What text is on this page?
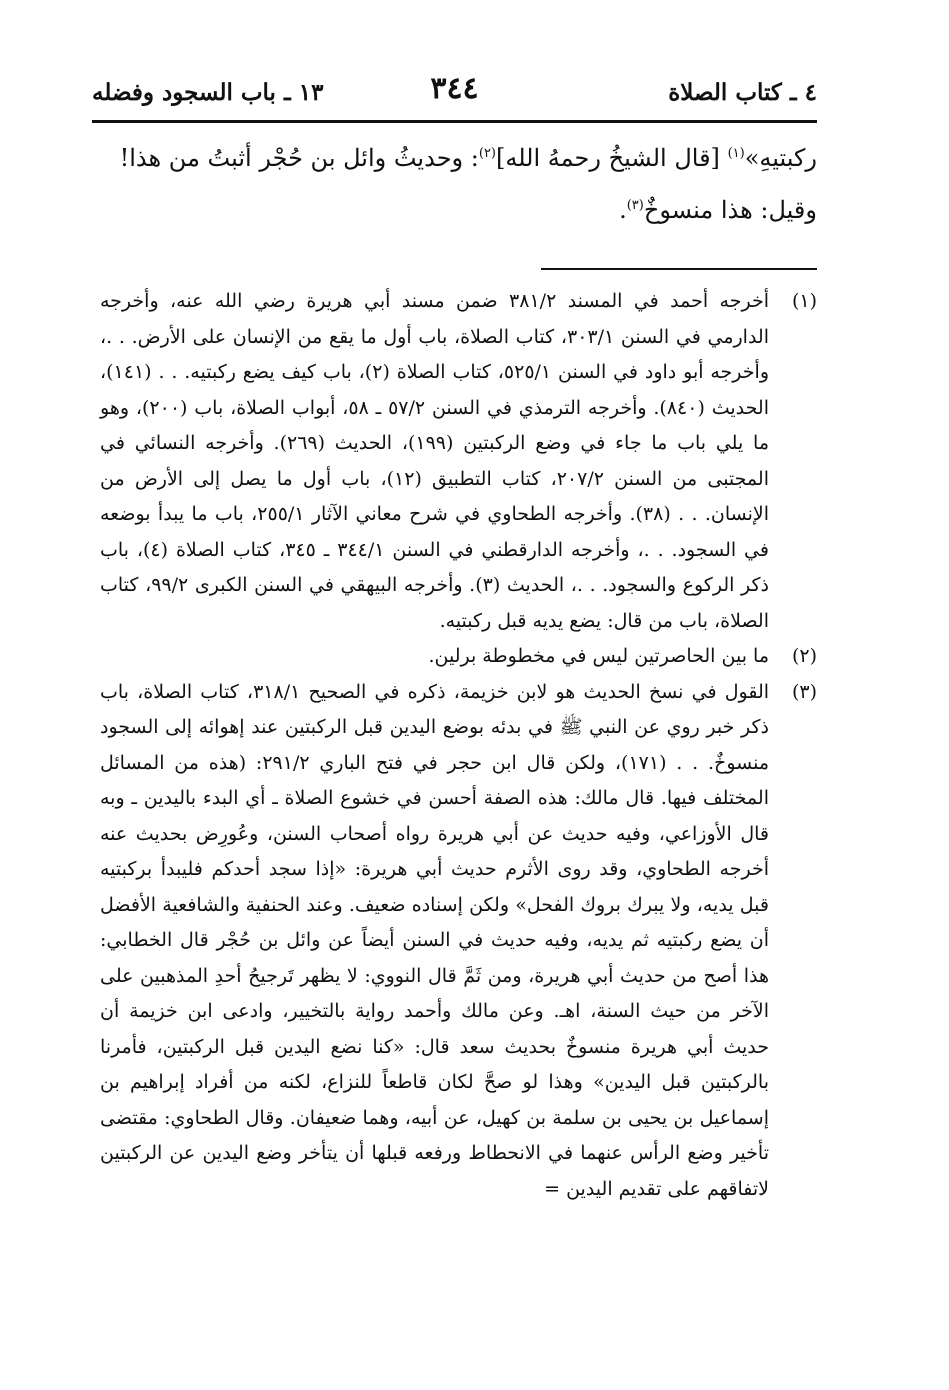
٤ ـ كتاب الصلاة
٣٤٤
١٣ ـ باب السجود وفضله

ركبتيهِ»$^{(١)}$ [قال الشيخُ رحمهُ الله]$^{(٢)}$: وحديثُ وائل بن حُجْر أثبتُ من هذا!

وقيل: هذا منسوخٌ$^{(٣)}$.

(١)

أخرجه أحمد في المسند ٣٨١/٢ ضمن مسند أبي هريرة رضي الله عنه، وأخرجه الدارمي في السنن ٣٠٣/١، كتاب الصلاة، باب أول ما يقع من الإنسان على الأرض. . .، وأخرجه أبو داود في السنن ٥٢٥/١، كتاب الصلاة (٢)، باب كيف يضع ركبتيه. . . (١٤١)، الحديث (٨٤٠). وأخرجه الترمذي في السنن ٥٧/٢ ـ ٥٨، أبواب الصلاة، باب (٢٠٠)، وهو ما يلي باب ما جاء في وضع الركبتين (١٩٩)، الحديث (٢٦٩). وأخرجه النسائي في المجتبى من السنن ٢٠٧/٢، كتاب التطبيق (١٢)، باب أول ما يصل إلى الأرض من الإنسان. . . (٣٨). وأخرجه الطحاوي في شرح معاني الآثار ٢٥٥/١، باب ما يبدأ بوضعه في السجود. . .، وأخرجه الدارقطني في السنن ٣٤٤/١ ـ ٣٤٥، كتاب الصلاة (٤)، باب ذكر الركوع والسجود. . .، الحديث (٣). وأخرجه البيهقي في السنن الكبرى ٩٩/٢، كتاب الصلاة، باب من قال: يضع يديه قبل ركبتيه.

(٢)

ما بين الحاصرتين ليس في مخطوطة برلين.

(٣)

القول في نسخ الحديث هو لابن خزيمة، ذكره في الصحيح ٣١٨/١، كتاب الصلاة، باب ذكر خبر روي عن النبي ﷺ في بدئه بوضع اليدين قبل الركبتين عند إهوائه إلى السجود منسوخٌ. . . (١٧١)، ولكن قال ابن حجر في فتح الباري ٢٩١/٢: (هذه من المسائل المختلف فيها. قال مالك: هذه الصفة أحسن في خشوع الصلاة ـ أي البدء باليدين ـ وبه قال الأوزاعي، وفيه حديث عن أبي هريرة رواه أصحاب السنن، وعُورِض بحديث عنه أخرجه الطحاوي، وقد روى الأثرم حديث أبي هريرة: «إذا سجد أحدكم فليبدأ بركبتيه قبل يديه، ولا يبرك بروك الفحل» ولكن إسناده ضعيف. وعند الحنفية والشافعية الأفضل أن يضع ركبتيه ثم يديه، وفيه حديث في السنن أيضاً عن وائل بن حُجْر قال الخطابي: هذا أصح من حديث أبي هريرة، ومن ثَمَّ قال النووي: لا يظهر تَرجيحُ أحدِ المذهبين على الآخر من حيث السنة، اهـ. وعن مالك وأحمد رواية بالتخيير، وادعى ابن خزيمة أن حديث أبي هريرة منسوخٌ بحديث سعد قال: «كنا نضع اليدين قبل الركبتين، فأمرنا بالركبتين قبل اليدين» وهذا لو صحَّ لكان قاطعاً للنزاع، لكنه من أفراد إبراهيم بن إسماعيل بن يحيى بن سلمة بن كهيل، عن أبيه، وهما ضعيفان. وقال الطحاوي: مقتضى تأخير وضع الرأس عنهما في الانحطاط ورفعه قبلها أن يتأخر وضع اليدين عن الركبتين لاتفاقهم على تقديم اليدين =
